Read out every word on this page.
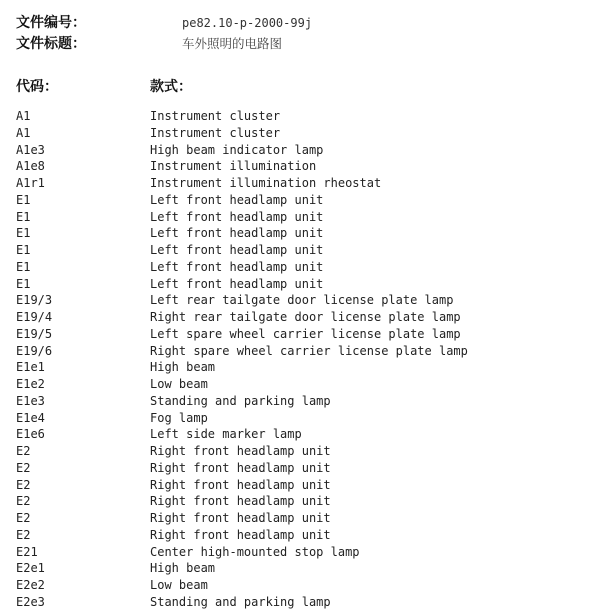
文件编号：	pe82.10-p-2000-99j
文件标题：	车外照明的电路图
代码：	款式：
A1	Instrument cluster
A1	Instrument cluster
A1e3	High beam indicator lamp
A1e8	Instrument illumination
A1r1	Instrument illumination rheostat
E1	Left front headlamp unit
E1	Left front headlamp unit
E1	Left front headlamp unit
E1	Left front headlamp unit
E1	Left front headlamp unit
E1	Left front headlamp unit
E19/3	Left rear tailgate door license plate lamp
E19/4	Right rear tailgate door license plate lamp
E19/5	Left spare wheel carrier license plate lamp
E19/6	Right spare wheel carrier license plate lamp
E1e1	High beam
E1e2	Low beam
E1e3	Standing and parking lamp
E1e4	Fog lamp
E1e6	Left side marker lamp
E2	Right front headlamp unit
E2	Right front headlamp unit
E2	Right front headlamp unit
E2	Right front headlamp unit
E2	Right front headlamp unit
E2	Right front headlamp unit
E21	Center high-mounted stop lamp
E2e1	High beam
E2e2	Low beam
E2e3	Standing and parking lamp
